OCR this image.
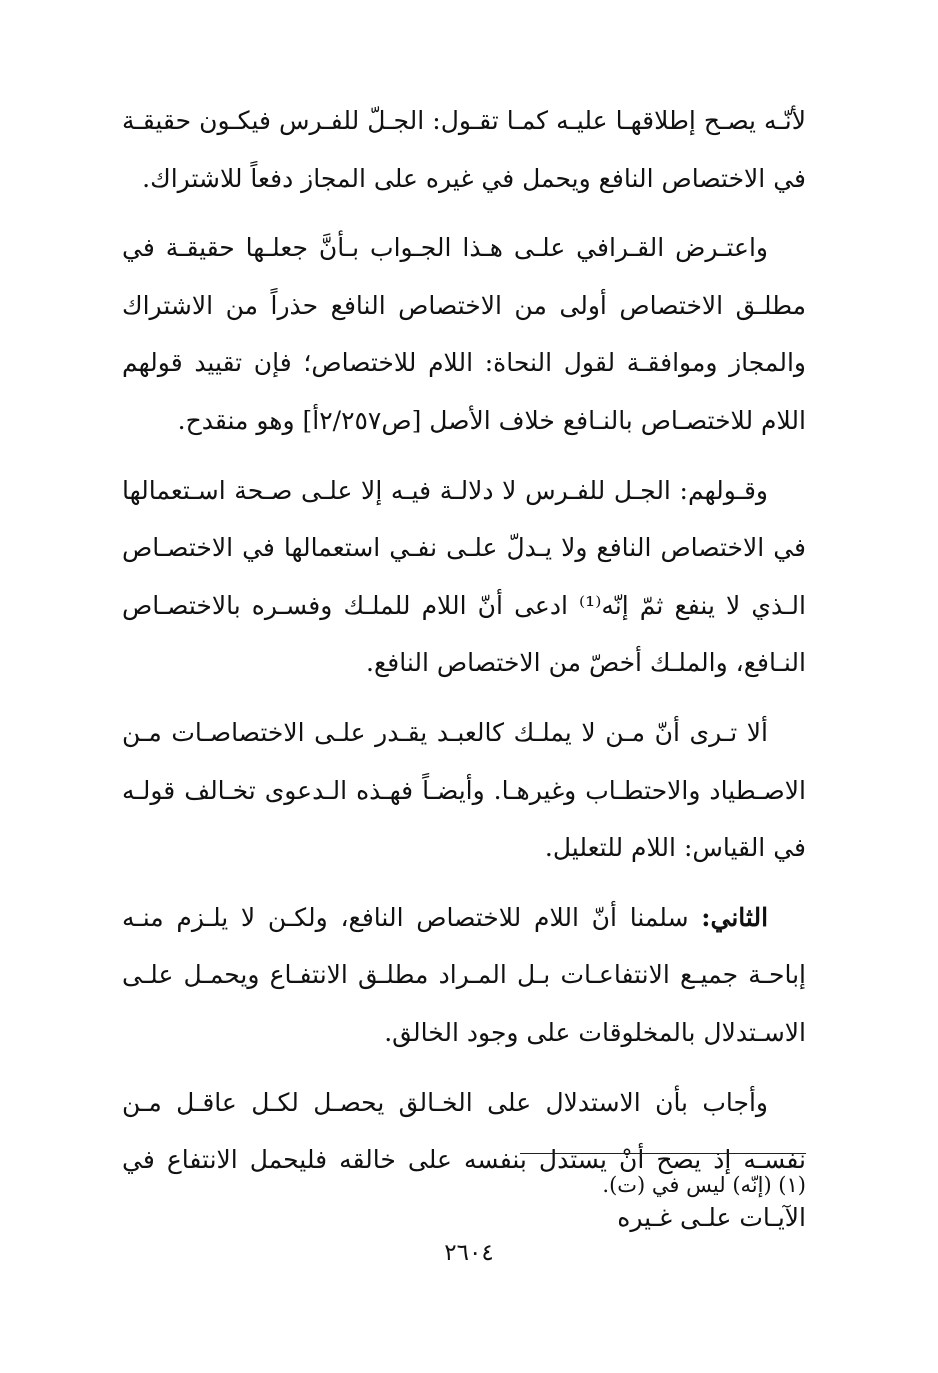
لأنّـه يصـح إطلاقهـا عليـه كمـا تقـول: الجـلّ للفـرس فيكـون حقيقـة في الاختصاص النافع ويحمل في غيره على المجاز دفعاً للاشتراك.

واعتـرض القـرافي علـى هـذا الجـواب بـأنَّ جعلـها حقيقـة في مطلـق الاختصاص أولى من الاختصاص النافع حذراً من الاشتراك والمجاز وموافقـة لقول النحاة: اللام للاختصاص؛ فإن تقييد قولهم اللام للاختصـاص بالنـافع خلاف الأصل [ص٢/٢٥٧أ] وهو منقدح.

وقـولهم: الجـل للفـرس لا دلالـة فيـه إلا علـى صـحة اسـتعمالها في الاختصاص النافع ولا يـدلّ علـى نفـي استعمالها في الاختصـاص الـذي لا ينفع ثمّ إنّه⁽¹⁾ ادعى أنّ اللام للملـك وفسـره بالاختصـاص النـافع، والملـك أخصّ من الاختصاص النافع.

ألا تـرى أنّ مـن لا يملـك كالعبـد يقـدر علـى الاختصاصـات مـن الاصـطياد والاحتطـاب وغيرهـا. وأيضـاً فهـذه الـدعوى تخـالف قولـه في القياس: اللام للتعليل.

الثاني: سلمنا أنّ اللام للاختصاص النافع، ولكـن لا يلـزم منـه إباحـة جميـع الانتفاعـات بـل المـراد مطلـق الانتفـاع ويحمـل علـى الاسـتدلال بالمخلوقات على وجود الخالق.

وأجاب بأن الاستدلال على الخـالق يحصـل لكـل عاقـل مـن نفسـه إذ يصح أنْ يستدل بنفسه على خالقه فليحمل الانتفاع في الآيـات علـى غـيره

(١) (إنّه) ليس في (ت).
٢٦٠٤
